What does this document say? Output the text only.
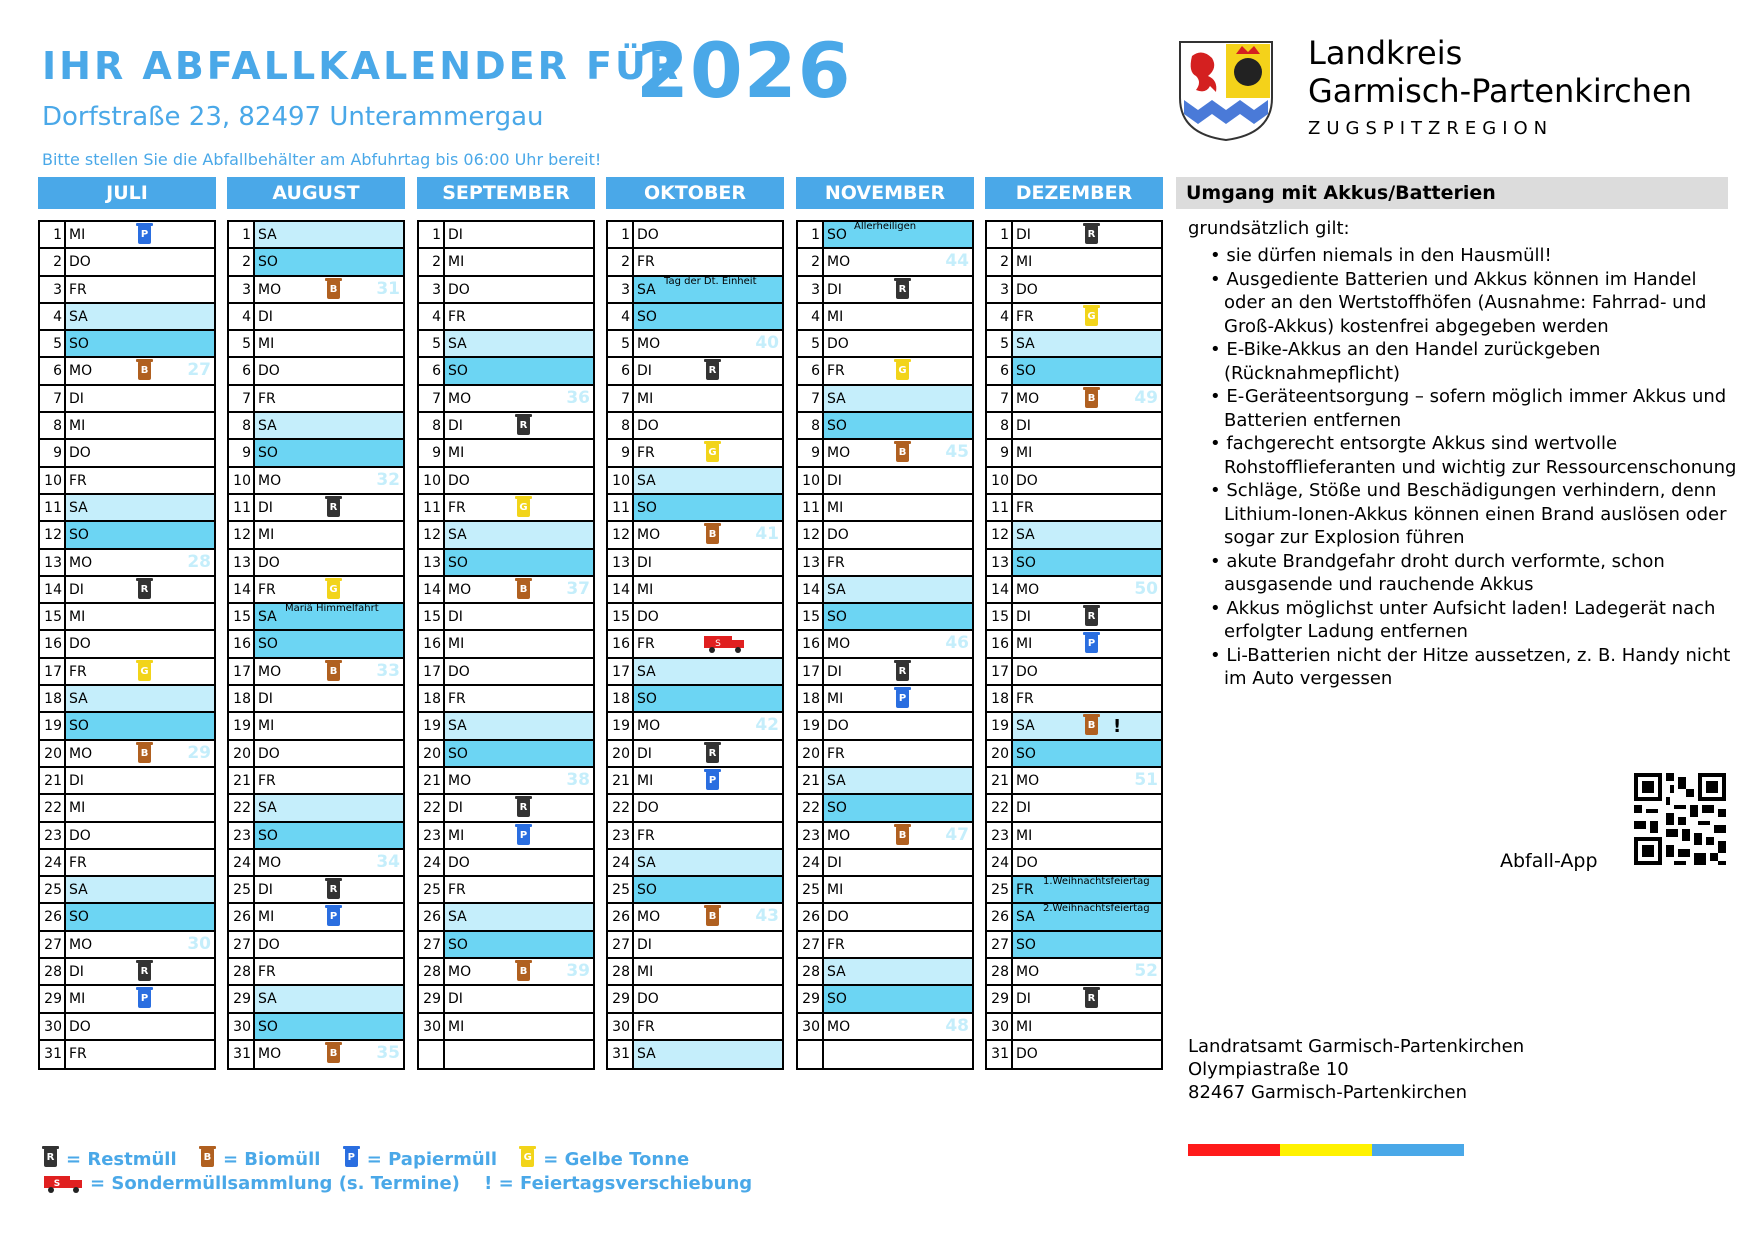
IHR ABFALLKALENDER FÜR
2026
Dorfstraße 23, 82497 Unterammergau
Bitte stellen Sie die Abfallbehälter am Abfuhrtag bis 06:00 Uhr bereit!
Landkreis
Garmisch-Partenkirchen
ZUGSPITZREGION
JULI
1 MI	P
2 DO
3 FR
4 SA
5 SO
6 MO	B 27
7 DI
8 MI
9 DO
10 FR
11 SA
12 SO
13 MO	28
14 DI	R
15 MI
16 DO
17 FR	G
18 SA
19 SO
20 MO	B 29
21 DI
22 MI
23 DO
24 FR
25 SA
26 SO
27 MO	30
28 DI	R
29 MI	P
30 DO
31 FR
AUGUST
1 SA
2 SO
3 MO	B 31
4 DI
5 MI
6 DO
7 FR
8 SA
9 SO
10 MO	32
11 DI	R
12 MI
13 DO
14 FR	G
15 SA
Mariä Himmelfahrt
16 SO
17 MO	B 33
18 DI
19 MI
20 DO
21 FR
22 SA
23 SO
24 MO	34
25 DI	R
26 MI	P
27 DO
28 FR
29 SA
30 SO
31 MO	B 35
SEPTEMBER
1 DI
2 MI
3 DO
4 FR
5 SA
6 SO
7 MO	36
8 DI	R
9 MI
10 DO
11 FR	G
12 SA
13 SO
14 MO	B 37
15 DI
16 MI
17 DO
18 FR
19 SA
20 SO
21 MO	38
22 DI	R
23 MI	P
24 DO
25 FR
26 SA
27 SO
28 MO	B 39
29 DI
30 MI
OKTOBER
1 DO
2 FR
3 SA
Tag der Dt. Einheit
4 SO
5 MO	40
6 DI	R
7 MI
8 DO
9 FR	G
10 SA
11 SO
12 MO	B 41
13 DI
14 MI
15 DO
16 FR	S
17 SA
18 SO
19 MO	42
20 DI	R
21 MI	P
22 DO
23 FR
24 SA
25 SO
26 MO	B 43
27 DI
28 MI
29 DO
30 FR
31 SA
NOVEMBER
1 SO
Allerheiligen
2 MO	44
3 DI	R
4 MI
5 DO
6 FR	G
7 SA
8 SO
9 MO	B 45
10 DI
11 MI
12 DO
13 FR
14 SA
15 SO
16 MO	46
17 DI	R
18 MI	P
19 DO
20 FR
21 SA
22 SO
23 MO	B 47
24 DI
25 MI
26 DO
27 FR
28 SA
29 SO
30 MO	48
DEZEMBER
1 DI	R
2 MI
3 DO
4 FR	G
5 SA
6 SO
7 MO	B 49
8 DI
9 MI
10 DO
11 FR
12 SA
13 SO
14 MO	50
15 DI	R
16 MI	P
17 DO
18 FR
19 SA	B !
20 SO
21 MO	51
22 DI
23 MI
24 DO
25 FR
1.Weihnachtsfeiertag
26 SA
2.Weihnachtsfeiertag
27 SO
28 MO	52
29 DI	R
30 MI
31 DO
R = Restmüll	B = Biomüll	P = Papiermüll	G = Gelbe Tonne
S = Sondermüllsammlung (s. Termine) ! = Feiertagsverschiebung
Umgang mit Akkus/Batterien
grundsätzlich gilt:
• sie dürfen niemals in den Hausmüll!
• Ausgediente Batterien und Akkus können im Handel oder an den Wertstoffhöfen (Ausnahme: Fahrrad- und Groß-Akkus) kostenfrei abgegeben werden
• E-Bike-Akkus an den Handel zurückgeben (Rücknahmepflicht)
• E-Geräteentsorgung – sofern möglich immer Akkus und Batterien entfernen
• fachgerecht entsorgte Akkus sind wertvolle Rohstofflieferanten und wichtig zur Ressourcenschonung
• Schläge, Stöße und Beschädigungen verhindern, denn Lithium-Ionen-Akkus können einen Brand auslösen oder sogar zur Explosion führen
• akute Brandgefahr droht durch verformte, schon ausgasende und rauchende Akkus
• Akkus möglichst unter Aufsicht laden! Ladegerät nach erfolgter Ladung entfernen
• Li-Batterien nicht der Hitze aussetzen, z. B. Handy nicht im Auto vergessen
Abfall-App
Landratsamt Garmisch-Partenkirchen
Olympiastraße 10
82467 Garmisch-Partenkirchen
